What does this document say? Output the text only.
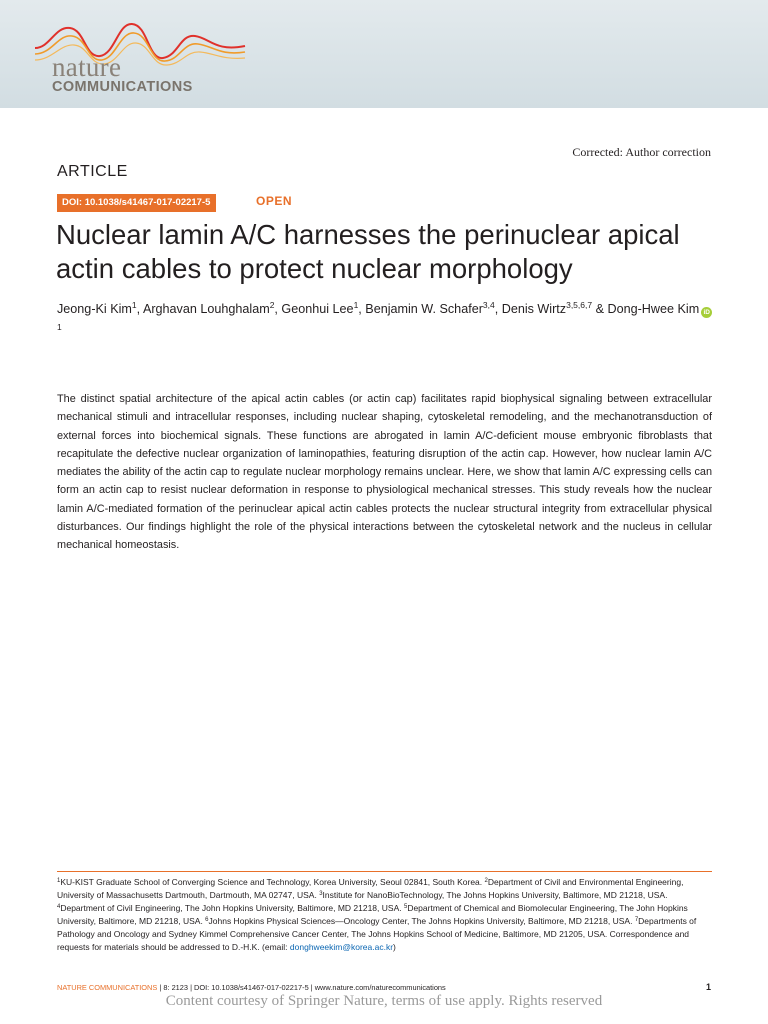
nature
COMMUNICATIONS
Corrected: Author correction
ARTICLE
DOI: 10.1038/s41467-017-02217-5	OPEN
Nuclear lamin A/C harnesses the perinuclear apical actin cables to protect nuclear morphology
Jeong-Ki Kim$^1$, Arghavan Louhghalam$^2$, Geonhui Lee$^1$, Benjamin W. Schafer$^{3,4}$, Denis Wirtz$^{3,5,6,7}$ & Dong-Hwee Kim iD $^1$
The distinct spatial architecture of the apical actin cables (or actin cap) facilitates rapid biophysical signaling between extracellular mechanical stimuli and intracellular responses, including nuclear shaping, cytoskeletal remodeling, and the mechanotransduction of external forces into biochemical signals. These functions are abrogated in lamin A/C-deficient mouse embryonic fibroblasts that recapitulate the defective nuclear organization of laminopathies, featuring disruption of the actin cap. However, how nuclear lamin A/C mediates the ability of the actin cap to regulate nuclear morphology remains unclear. Here, we show that lamin A/C expressing cells can form an actin cap to resist nuclear deformation in response to physiological mechanical stresses. This study reveals how the nuclear lamin A/C-mediated formation of the perinuclear apical actin cables protects the nuclear structural integrity from extracellular physical disturbances. Our findings highlight the role of the physical interactions between the cytoskeletal network and the nucleus in cellular mechanical homeostasis.
$^1$KU-KIST Graduate School of Converging Science and Technology, Korea University, Seoul 02841, South Korea. $^2$Department of Civil and Environmental Engineering, University of Massachusetts Dartmouth, Dartmouth, MA 02747, USA. $^3$Institute for NanoBioTechnology, The Johns Hopkins University, Baltimore, MD 21218, USA. $^4$Department of Civil Engineering, The John Hopkins University, Baltimore, MD 21218, USA. $^5$Department of Chemical and Biomolecular Engineering, The John Hopkins University, Baltimore, MD 21218, USA. $^6$Johns Hopkins Physical Sciences—Oncology Center, The Johns Hopkins University, Baltimore, MD 21218, USA. $^7$Departments of Pathology and Oncology and Sydney Kimmel Comprehensive Cancer Center, The Johns Hopkins School of Medicine, Baltimore, MD 21205, USA. Correspondence and requests for materials should be addressed to D.-H.K. (email: donghweekim@korea.ac.kr)
NATURE COMMUNICATIONS | 8: 2123 | DOI: 10.1038/s41467-017-02217-5 | www.nature.com/naturecommunications	1
Content courtesy of Springer Nature, terms of use apply. Rights reserved
